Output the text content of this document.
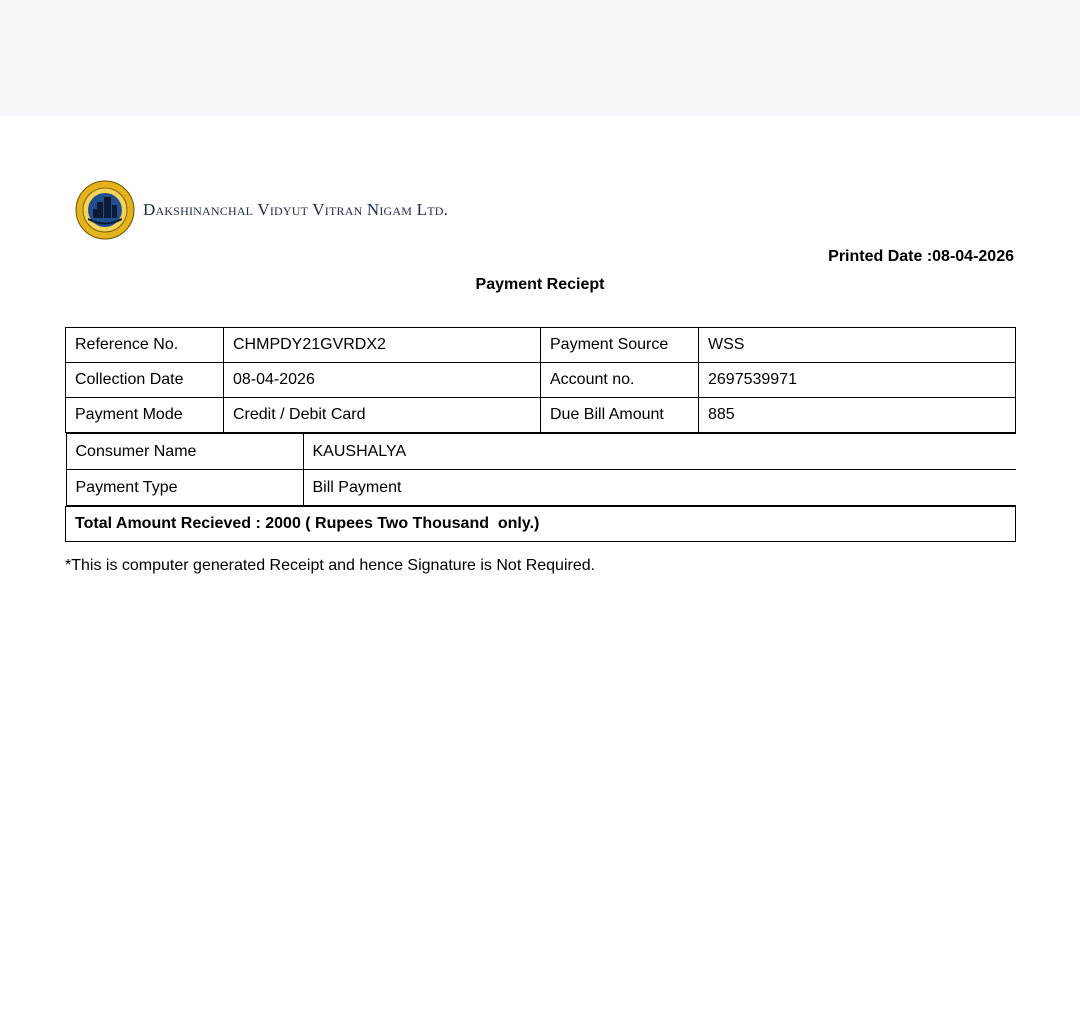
Dakshinanchal Vidyut Vitran Nigam Ltd.
Printed Date :08-04-2026
Payment Reciept
Reference No.	CHMPDY21GVRDX2	Payment Source	WSS
Collection Date	08-04-2026	Account no.	2697539971
Payment Mode	Credit / Debit Card	Due Bill Amount	885

Consumer Name	KAUSHALYA
Payment Type	Bill Payment

Total Amount Recieved : 2000 ( Rupees Two Thousand  only.)
*This is computer generated Receipt and hence Signature is Not Required.
